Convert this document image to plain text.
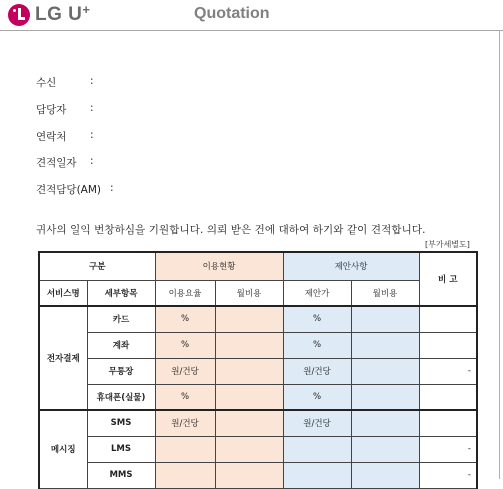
LG U+	Quotation
수신	:
담당자 :
연락처 :
견적일자 :
견적담당(AM) :
귀사의 일익 번창하심을 기원합니다. 의뢰 받은 건에 대하여 하기와 같이 견적합니다.
[부가세별도]
구분		이용현황		제안사항		비 고
서비스명	세부항목	이용요율	월비용	제안가	월비용	
전자결제	카드	%		%		
	계좌	%		%		
	무통장	원/건당		원/건당		-
	휴대폰(실물)	%		%		
메시징	SMS	원/건당		원/건당		
	LMS					-
	MMS					-
